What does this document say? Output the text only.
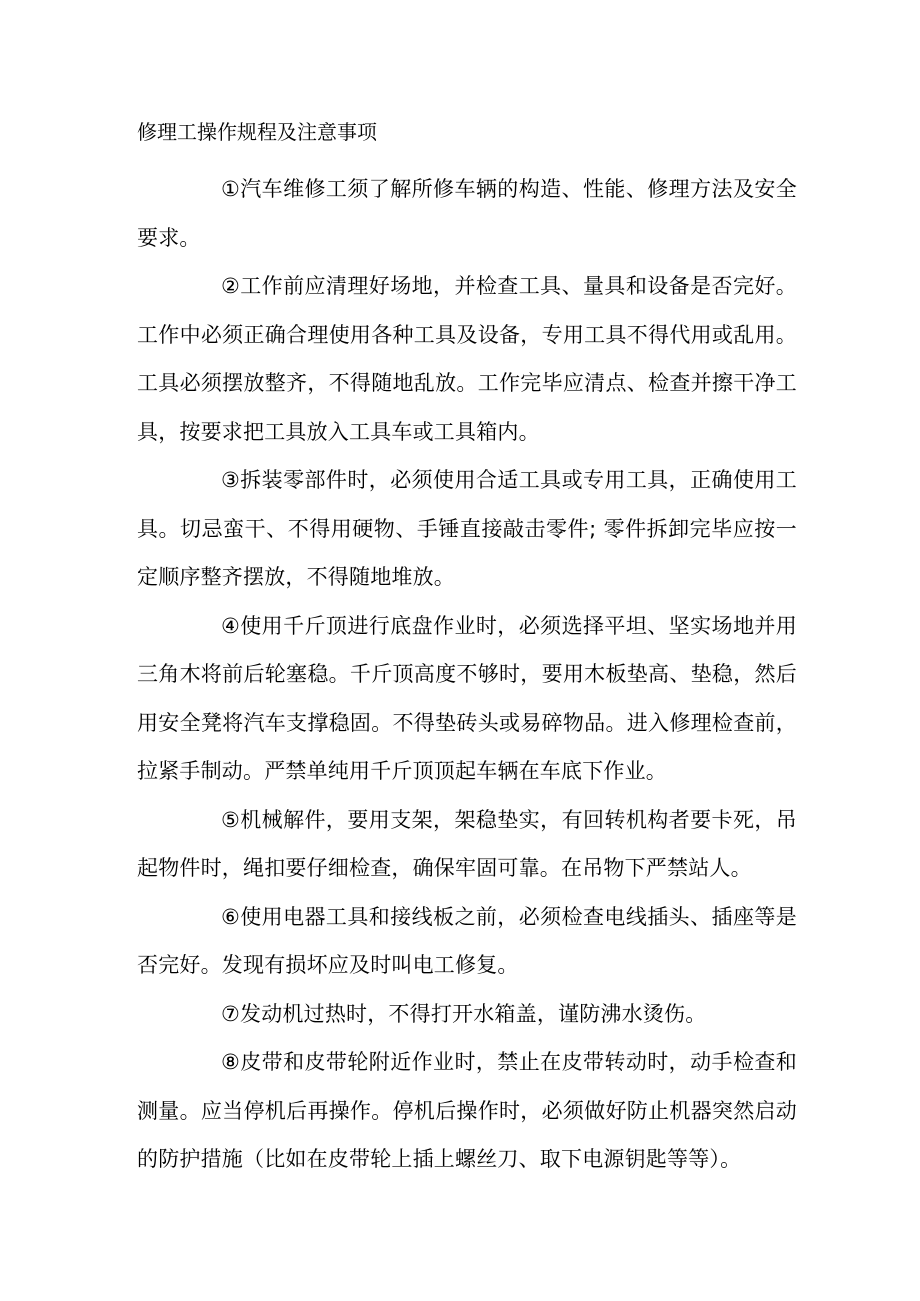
修理工操作规程及注意事项

①汽车维修工须了解所修车辆的构造、性能、修理方法及安全要求。

②工作前应清理好场地，并检查工具、量具和设备是否完好。工作中必须正确合理使用各种工具及设备，专用工具不得代用或乱用。工具必须摆放整齐，不得随地乱放。工作完毕应清点、检查并擦干净工具，按要求把工具放入工具车或工具箱内。

③拆装零部件时，必须使用合适工具或专用工具，正确使用工具。切忌蛮干、不得用硬物、手锤直接敲击零件; 零件拆卸完毕应按一定顺序整齐摆放，不得随地堆放。

④使用千斤顶进行底盘作业时，必须选择平坦、坚实场地并用三角木将前后轮塞稳。千斤顶高度不够时，要用木板垫高、垫稳，然后用安全凳将汽车支撑稳固。不得垫砖头或易碎物品。进入修理检查前，拉紧手制动。严禁单纯用千斤顶顶起车辆在车底下作业。

⑤机械解件，要用支架，架稳垫实，有回转机构者要卡死，吊起物件时，绳扣要仔细检查，确保牢固可靠。在吊物下严禁站人。

⑥使用电器工具和接线板之前，必须检查电线插头、插座等是否完好。发现有损坏应及时叫电工修复。

⑦发动机过热时，不得打开水箱盖，谨防沸水烫伤。

⑧皮带和皮带轮附近作业时，禁止在皮带转动时，动手检查和测量。应当停机后再操作。停机后操作时，必须做好防止机器突然启动的防护措施（比如在皮带轮上插上螺丝刀、取下电源钥匙等等）。
